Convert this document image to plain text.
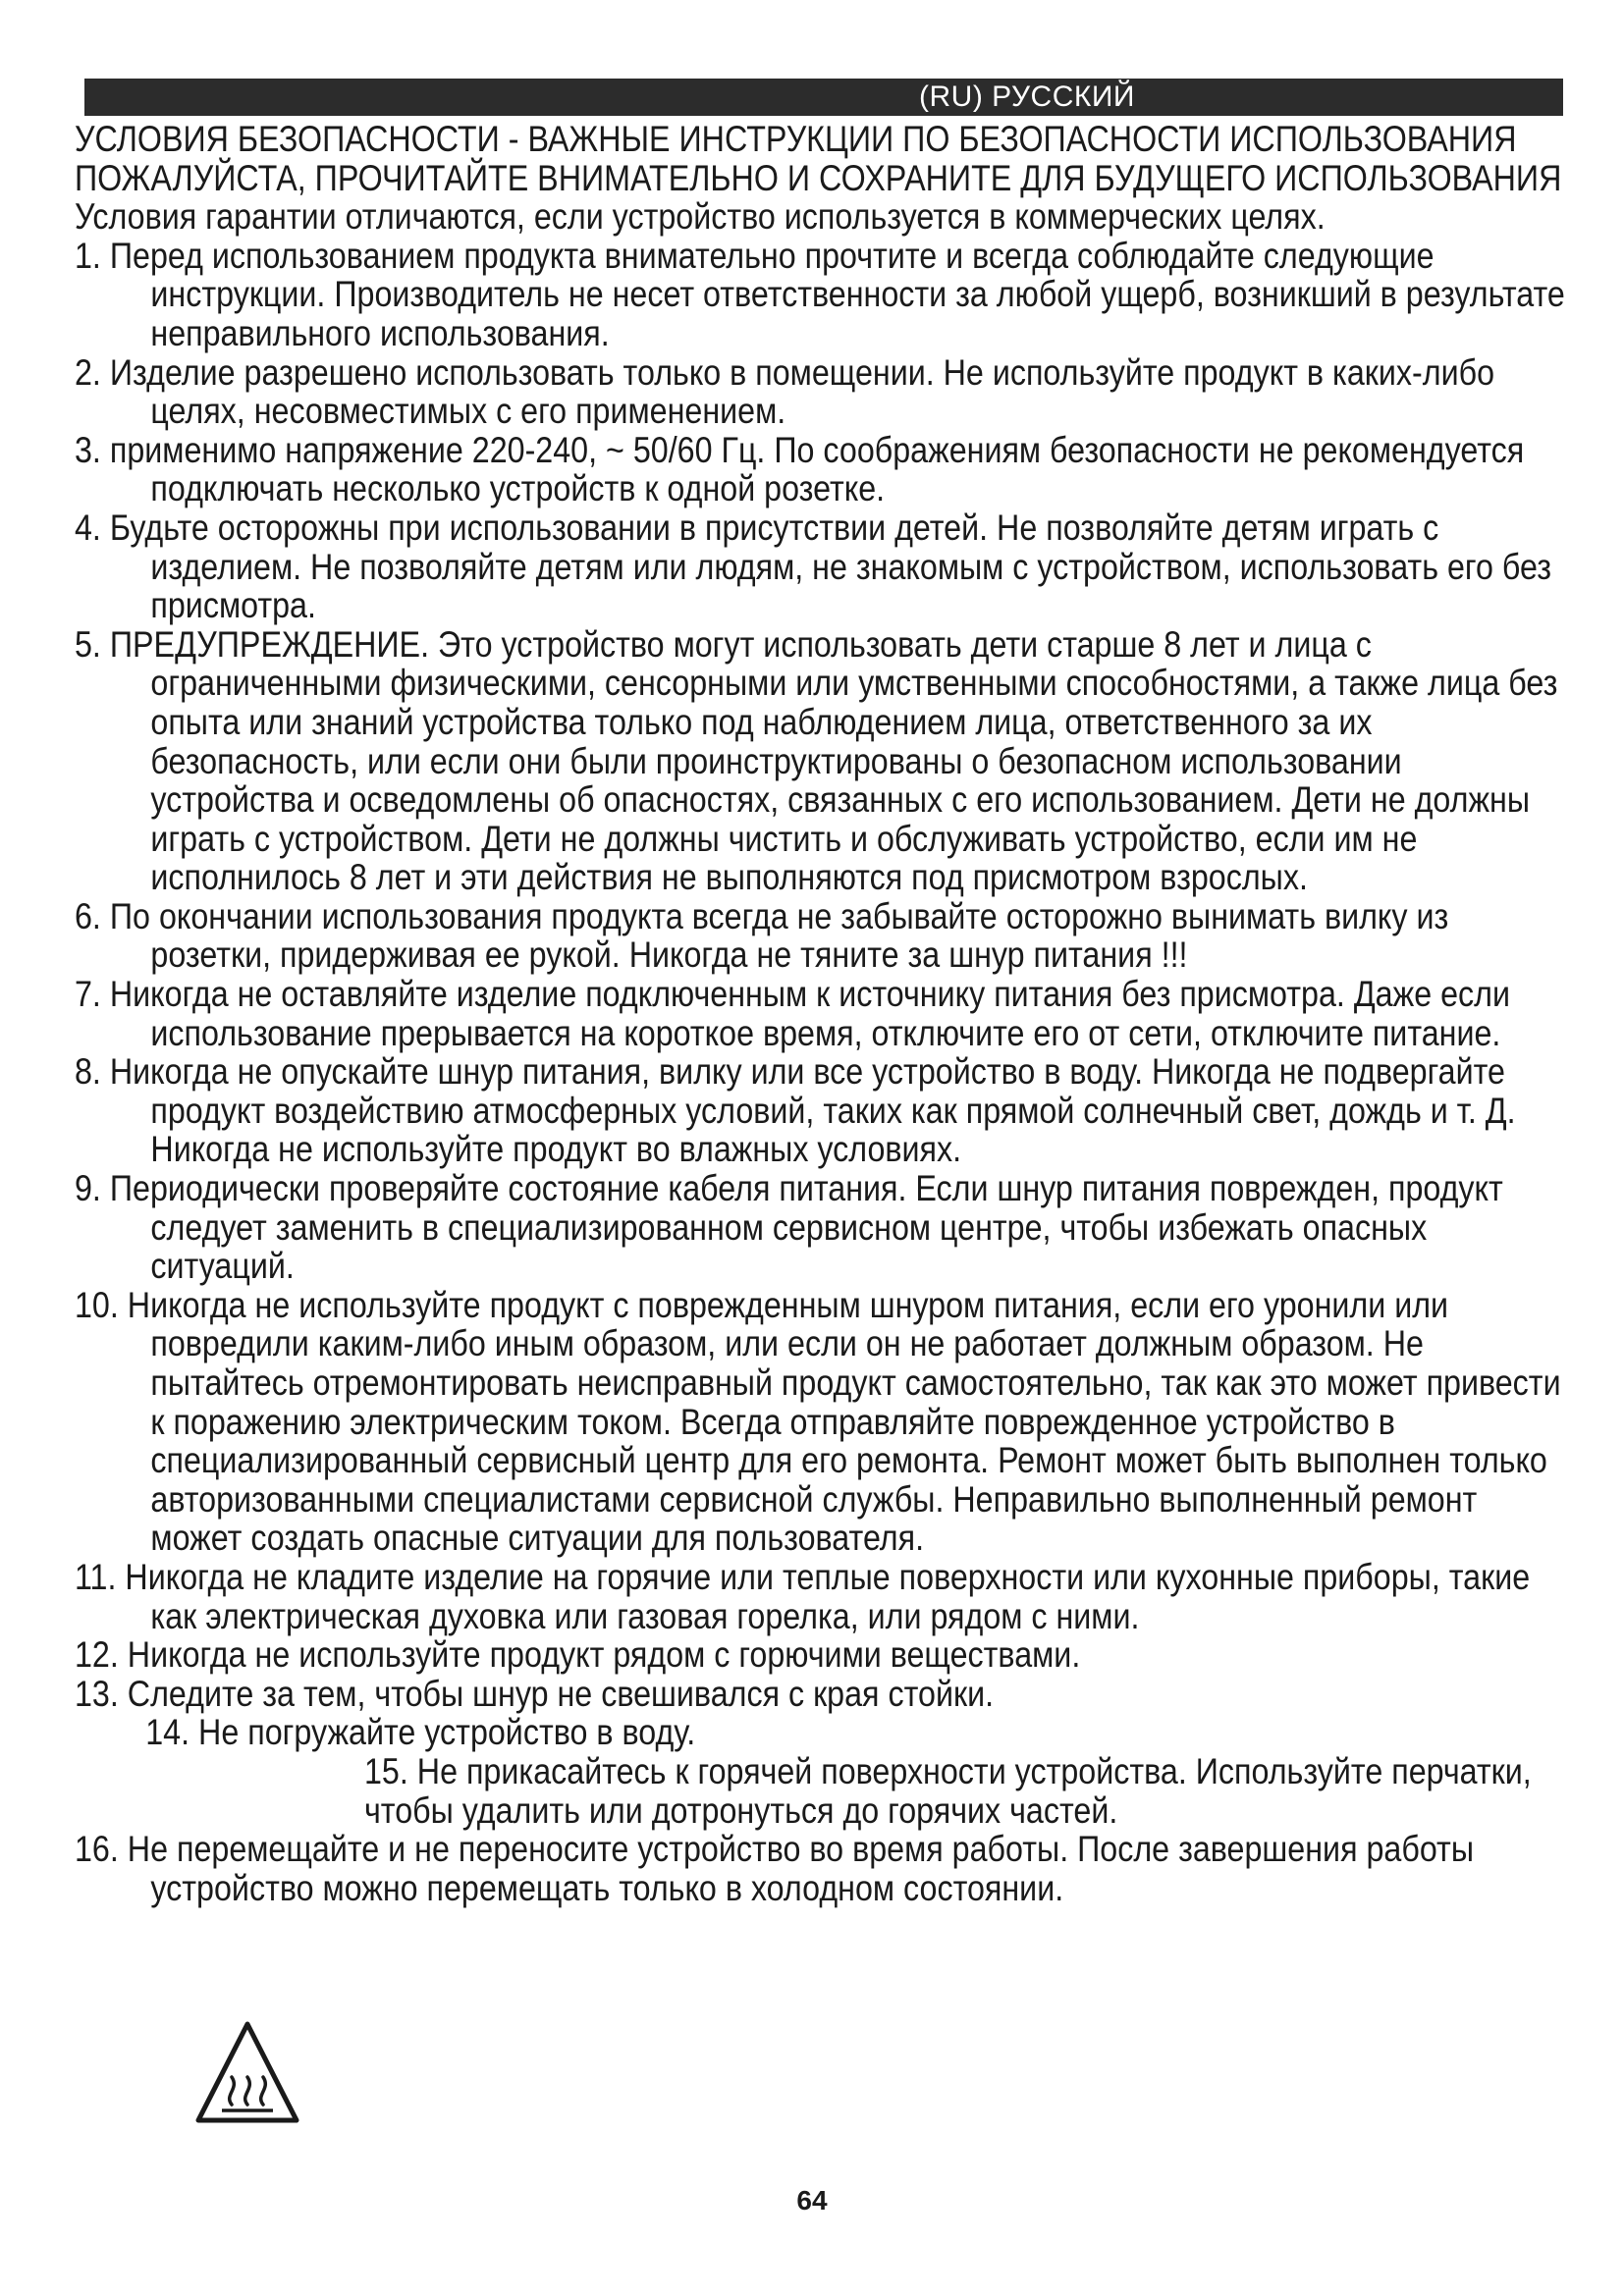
(RU) РУССКИЙ

УСЛОВИЯ БЕЗОПАСНОСТИ - ВАЖНЫЕ ИНСТРУКЦИИ ПО БЕЗОПАСНОСТИ ИСПОЛЬЗОВАНИЯ

ПОЖАЛУЙСТА, ПРОЧИТАЙТЕ ВНИМАТЕЛЬНО И СОХРАНИТЕ ДЛЯ БУДУЩЕГО ИСПОЛЬЗОВАНИЯ

Условия гарантии отличаются, если устройство используется в коммерческих целях.

1. Перед использованием продукта внимательно прочтите и всегда соблюдайте следующие инструкции. Производитель не несет ответственности за любой ущерб, возникший в результате неправильного использования.
2. Изделие разрешено использовать только в помещении. Не используйте продукт в каких-либо целях, несовместимых с его применением.
3. применимо напряжение 220-240, ~ 50/60 Гц. По соображениям безопасности не рекомендуется подключать несколько устройств к одной розетке.
4. Будьте осторожны при использовании в присутствии детей. Не позволяйте детям играть с изделием. Не позволяйте детям или людям, не знакомым с устройством, использовать его без присмотра.
5. ПРЕДУПРЕЖДЕНИЕ. Это устройство могут использовать дети старше 8 лет и лица с ограниченными физическими, сенсорными или умственными способностями, а также лица без опыта или знаний устройства только под наблюдением лица, ответственного за их безопасность, или если они были проинструктированы о безопасном использовании устройства и осведомлены об опасностях, связанных с его использованием. Дети не должны играть с устройством. Дети не должны чистить и обслуживать устройство, если им не исполнилось 8 лет и эти действия не выполняются под присмотром взрослых.
6. По окончании использования продукта всегда не забывайте осторожно вынимать вилку из розетки, придерживая ее рукой. Никогда не тяните за шнур питания !!!
7. Никогда не оставляйте изделие подключенным к источнику питания без присмотра. Даже если использование прерывается на короткое время, отключите его от сети, отключите питание.
8. Никогда не опускайте шнур питания, вилку или все устройство в воду. Никогда не подвергайте продукт воздействию атмосферных условий, таких как прямой солнечный свет, дождь и т. Д. Никогда не используйте продукт во влажных условиях.
9. Периодически проверяйте состояние кабеля питания. Если шнур питания поврежден, продукт следует заменить в специализированном сервисном центре, чтобы избежать опасных ситуаций.
10. Никогда не используйте продукт с поврежденным шнуром питания, если его уронили или повредили каким-либо иным образом, или если он не работает должным образом. Не пытайтесь отремонтировать неисправный продукт самостоятельно, так как это может привести к поражению электрическим током. Всегда отправляйте поврежденное устройство в специализированный сервисный центр для его ремонта. Ремонт может быть выполнен только авторизованными специалистами сервисной службы. Неправильно выполненный ремонт может создать опасные ситуации для пользователя.
11. Никогда не кладите изделие на горячие или теплые поверхности или кухонные приборы, такие как электрическая духовка или газовая горелка, или рядом с ними.
12. Никогда не используйте продукт рядом с горючими веществами.
13. Следите за тем, чтобы шнур не свешивался с края стойки.
14. Не погружайте устройство в воду.
15. Не прикасайтесь к горячей поверхности устройства. Используйте перчатки, чтобы удалить или дотронуться до горячих частей.
16. Не перемещайте и не переносите устройство во время работы. После завершения работы устройство можно перемещать только в холодном состоянии.
64
